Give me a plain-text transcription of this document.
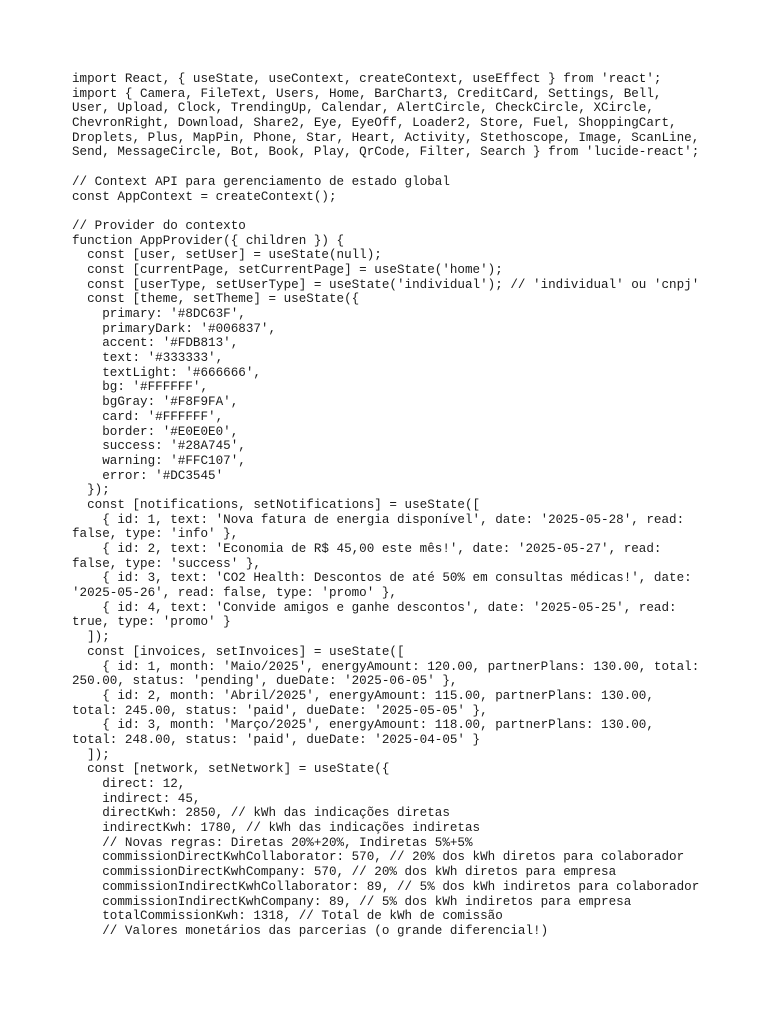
import React, { useState, useContext, createContext, useEffect } from 'react';
import { Camera, FileText, Users, Home, BarChart3, CreditCard, Settings, Bell,
User, Upload, Clock, TrendingUp, Calendar, AlertCircle, CheckCircle, XCircle,
ChevronRight, Download, Share2, Eye, EyeOff, Loader2, Store, Fuel, ShoppingCart,
Droplets, Plus, MapPin, Phone, Star, Heart, Activity, Stethoscope, Image, ScanLine,
Send, MessageCircle, Bot, Book, Play, QrCode, Filter, Search } from 'lucide-react';
// Context API para gerenciamento de estado global
const AppContext = createContext();
// Provider do contexto
function AppProvider({ children }) {
const [user, setUser] = useState(null);
const [currentPage, setCurrentPage] = useState('home');
const [userType, setUserType] = useState('individual'); // 'individual' ou 'cnpj'
const [theme, setTheme] = useState({
primary: '#8DC63F',
primaryDark: '#006837',
accent: '#FDB813',
text: '#333333',
textLight: '#666666',
bg: '#FFFFFF',
bgGray: '#F8F9FA',
card: '#FFFFFF',
border: '#E0E0E0',
success: '#28A745',
warning: '#FFC107',
error: '#DC3545'
});
const [notifications, setNotifications] = useState([
{ id: 1, text: 'Nova fatura de energia disponível', date: '2025-05-28', read:
false, type: 'info' },
{ id: 2, text: 'Economia de R$ 45,00 este mês!', date: '2025-05-27', read:
false, type: 'success' },
{ id: 3, text: 'CO2 Health: Descontos de até 50% em consultas médicas!', date:
'2025-05-26', read: false, type: 'promo' },
{ id: 4, text: 'Convide amigos e ganhe descontos', date: '2025-05-25', read:
true, type: 'promo' }
]);
const [invoices, setInvoices] = useState([
{ id: 1, month: 'Maio/2025', energyAmount: 120.00, partnerPlans: 130.00, total:
250.00, status: 'pending', dueDate: '2025-06-05' },
{ id: 2, month: 'Abril/2025', energyAmount: 115.00, partnerPlans: 130.00,
total: 245.00, status: 'paid', dueDate: '2025-05-05' },
{ id: 3, month: 'Março/2025', energyAmount: 118.00, partnerPlans: 130.00,
total: 248.00, status: 'paid', dueDate: '2025-04-05' }
]);
const [network, setNetwork] = useState({
direct: 12,
indirect: 45,
directKwh: 2850, // kWh das indicações diretas
indirectKwh: 1780, // kWh das indicações indiretas
// Novas regras: Diretas 20%+20%, Indiretas 5%+5%
commissionDirectKwhCollaborator: 570, // 20% dos kWh diretos para colaborador
commissionDirectKwhCompany: 570, // 20% dos kWh diretos para empresa
commissionIndirectKwhCollaborator: 89, // 5% dos kWh indiretos para colaborador
commissionIndirectKwhCompany: 89, // 5% dos kWh indiretos para empresa
totalCommissionKwh: 1318, // Total de kWh de comissão
// Valores monetários das parcerias (o grande diferencial!)
